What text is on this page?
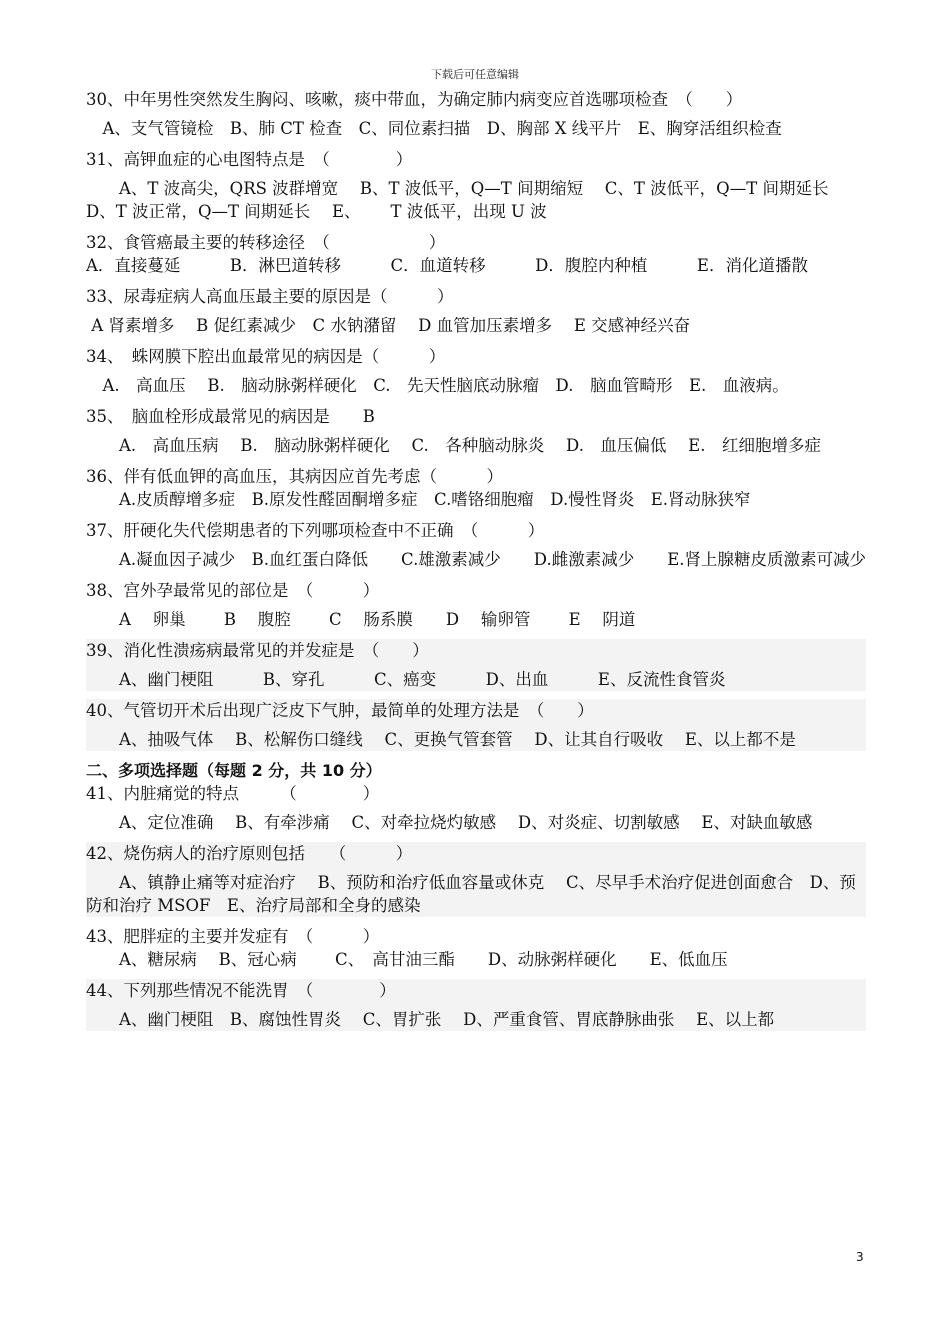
下载后可任意编辑
30、中年男性突然发生胸闷、咳嗽，痰中带血，为确定肺内病变应首选哪项检查　（　　）
　A、支气管镜检　B、肺 CT 检查　C、同位素扫描　D、胸部 X 线平片　E、胸穿活组织检查
31、高钾血症的心电图特点是　（　　　　）
　　A、T 波高尖，QRS 波群增宽　 B、T 波低平，Q—T 间期缩短　 C、T 波低平，Q—T 间期延长　 D、T 波正常，Q—T 间期延长　 E、　　 T 波低平，出现 U 波
32、食管癌最主要的转移途径　（　　　　　　）
A．直接蔓延　　　B．淋巴道转移　　　C．血道转移　　　D．腹腔内种植　　　E．消化道播散
33、尿毒症病人高血压最主要的原因是（　　　）
A 肾素增多　 B 促红素减少　C 水钠潴留　 D 血管加压素增多　 E 交感神经兴奋
34、　蛛网膜下腔出血最常见的病因是（　　　）
　A.　高血压　 B.　脑动脉粥样硬化　C.　先天性脑底动脉瘤　D.　脑血管畸形　E.　血液病。
35、　脑血栓形成最常见的病因是　　B
　　A.　高血压病　 B.　脑动脉粥样硬化　 C.　各种脑动脉炎　 D.　血压偏低　 E.　红细胞增多症
36、伴有低血钾的高血压，其病因应首先考虑（　　　）
　　A.皮质醇增多症　B.原发性醛固酮增多症　C.嗜铬细胞瘤　D.慢性肾炎　E.肾动脉狭窄
37、肝硬化失代偿期患者的下列哪项检查中不正确　（　　　）
　　A.凝血因子减少　B.血红蛋白降低　　C.雄激素减少　　D.雌激素减少　　E.肾上腺糖皮质激素可减少
38、宫外孕最常见的部位是　（　　　）
　　A　 卵巢　　 B　 腹腔　　 C　 肠系膜　　D　 输卵管　　 E　 阴道
39、消化性溃疡病最常见的并发症是　（　　）
　　A、幽门梗阻　　　B、穿孔　　　C、癌变　　　D、出血　　　E、反流性食管炎
40、气管切开术后出现广泛皮下气肿，最简单的处理方法是　（　　）
　　A、抽吸气体　 B、松解伤口缝线　 C、更换气管套管　 D、让其自行吸收　 E、以上都不是
二、多项选择题（每题 2 分，共 10 分）
41、内脏痛觉的特点　　　（　　　　）
　　A、定位准确　 B、有牵涉痛　 C、对牵拉烧灼敏感　 D、对炎症、切割敏感　 E、对缺血敏感
42、烧伤病人的治疗原则包括　　（　　　）
　　A、镇静止痛等对症治疗　 B、预防和治疗低血容量或休克　 C、尽早手术治疗促进创面愈合　D、预防和治疗 MSOF　E、治疗局部和全身的感染
43、肥胖症的主要并发症有　（　　　）
　　A、糖尿病　 B、冠心病　　 C、　高甘油三酯　　D、动脉粥样硬化　　E、低血压
44、下列那些情况不能洗胃　（　　　　）
　　A、幽门梗阻　B、腐蚀性胃炎　 C、胃扩张　 D、严重食管、胃底静脉曲张　 E、以上都
3
